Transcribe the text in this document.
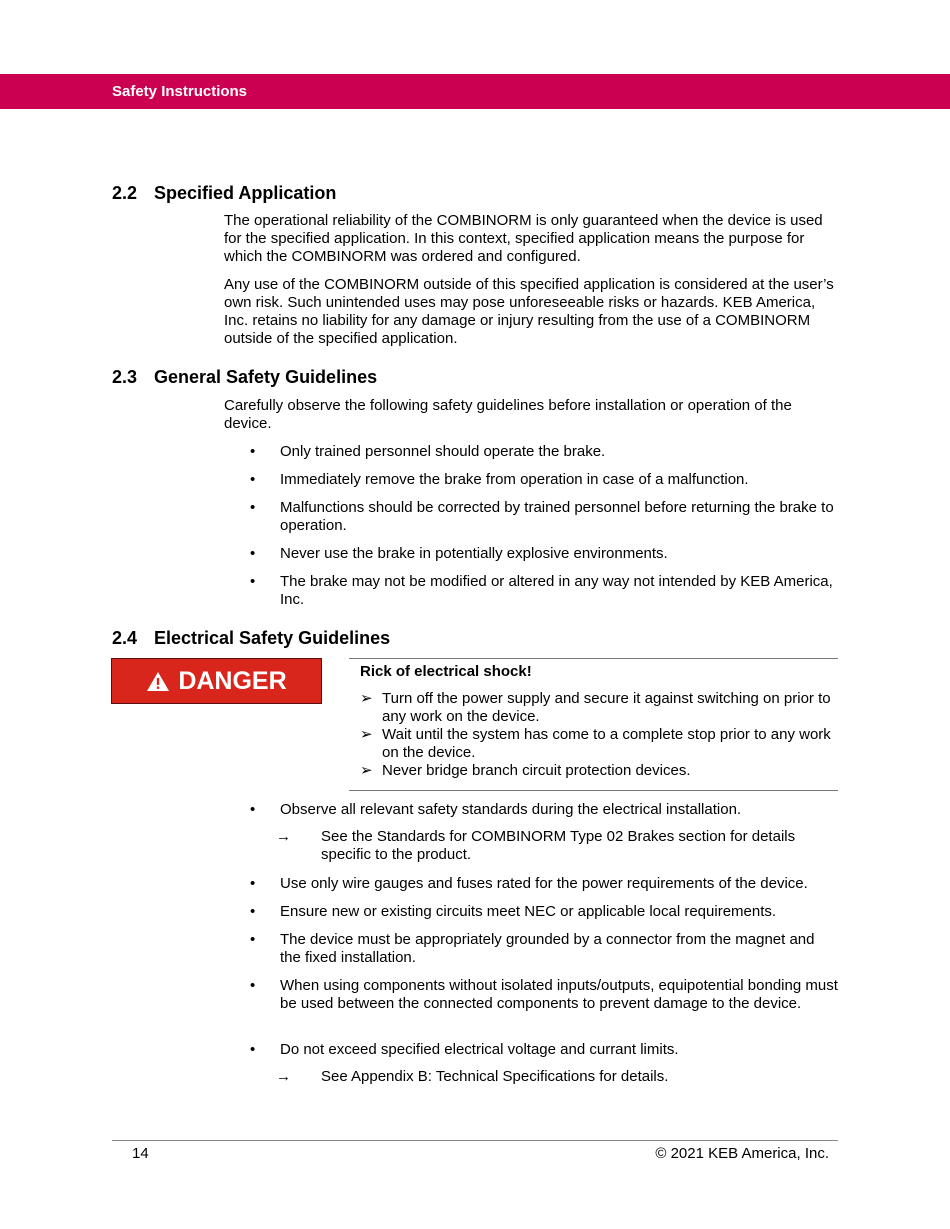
Safety Instructions
2.2 Specified Application

The operational reliability of the COMBINORM is only guaranteed when the device is used for the specified application. In this context, specified application means the purpose for which the COMBINORM was ordered and configured.

Any use of the COMBINORM outside of this specified application is considered at the user’s own risk. Such unintended uses may pose unforeseeable risks or hazards. KEB America, Inc. retains no liability for any damage or injury resulting from the use of a COMBINORM outside of the specified application.

2.3 General Safety Guidelines

Carefully observe the following safety guidelines before installation or operation of the device.

• Only trained personnel should operate the brake.
• Immediately remove the brake from operation in case of a malfunction.
• Malfunctions should be corrected by trained personnel before returning the brake to operation.
• Never use the brake in potentially explosive environments.
• The brake may not be modified or altered in any way not intended by KEB America, Inc.
2.4 Electrical Safety Guidelines
DANGER	Rick of electrical shock!
➢ Turn off the power supply and secure it against switching on prior to any work on the device.
➢ Wait until the system has come to a complete stop prior to any work on the device.
➢ Never bridge branch circuit protection devices.
• Observe all relevant safety standards during the electrical installation.
→ See the Standards for COMBINORM Type 02 Brakes section for details specific to the product.
• Use only wire gauges and fuses rated for the power requirements of the device.
• Ensure new or existing circuits meet NEC or applicable local requirements.
• The device must be appropriately grounded by a connector from the magnet and the fixed installation.
• When using components without isolated inputs/outputs, equipotential bonding must be used between the connected components to prevent damage to the device.
• Do not exceed specified electrical voltage and currant limits.
→ See Appendix B: Technical Specifications for details.
14	© 2021 KEB America, Inc.
